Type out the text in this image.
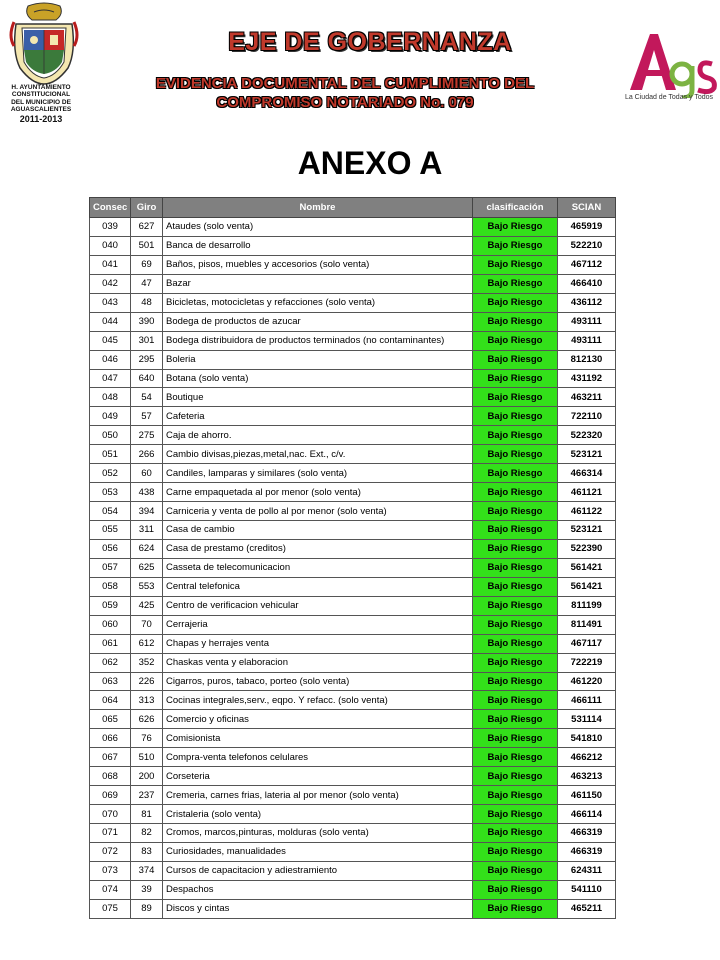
H. AYUNTAMIENTO
CONSTITUCIONAL
DEL MUNICIPIO DE
AGUASCALIENTES
2011-2013
EJE DE GOBERNANZA
EVIDENCIA DOCUMENTAL DEL CUMPLIMIENTO DEL
COMPROMISO NOTARIADO No. 079	La Ciudad de Todas y Todos
ANEXO A
Consec	Giro	Nombre	clasificación	SCIAN
039	627	Ataudes (solo venta)	Bajo Riesgo	465919
040	501	Banca de desarrollo	Bajo Riesgo	522210
041	69	Baños, pisos, muebles y accesorios (solo venta)	Bajo Riesgo	467112
042	47	Bazar	Bajo Riesgo	466410
043	48	Bicicletas, motocicletas y refacciones (solo venta)	Bajo Riesgo	436112
044	390	Bodega de productos de azucar	Bajo Riesgo	493111
045	301	Bodega distribuidora de productos terminados (no contaminantes)	Bajo Riesgo	493111
046	295	Boleria	Bajo Riesgo	812130
047	640	Botana (solo venta)	Bajo Riesgo	431192
048	54	Boutique	Bajo Riesgo	463211
049	57	Cafeteria	Bajo Riesgo	722110
050	275	Caja de ahorro.	Bajo Riesgo	522320
051	266	Cambio divisas,piezas,metal,nac. Ext., c/v.	Bajo Riesgo	523121
052	60	Candiles, lamparas y similares (solo venta)	Bajo Riesgo	466314
053	438	Carne empaquetada al por menor (solo venta)	Bajo Riesgo	461121
054	394	Carniceria y venta de pollo al por menor (solo venta)	Bajo Riesgo	461122
055	311	Casa de cambio	Bajo Riesgo	523121
056	624	Casa de prestamo (creditos)	Bajo Riesgo	522390
057	625	Casseta de telecomunicacion	Bajo Riesgo	561421
058	553	Central telefonica	Bajo Riesgo	561421
059	425	Centro de verificacion vehicular	Bajo Riesgo	811199
060	70	Cerrajeria	Bajo Riesgo	811491
061	612	Chapas y herrajes venta	Bajo Riesgo	467117
062	352	Chaskas venta y elaboracion	Bajo Riesgo	722219
063	226	Cigarros, puros, tabaco, porteo (solo venta)	Bajo Riesgo	461220
064	313	Cocinas integrales,serv., eqpo. Y refacc. (solo venta)	Bajo Riesgo	466111
065	626	Comercio y oficinas	Bajo Riesgo	531114
066	76	Comisionista	Bajo Riesgo	541810
067	510	Compra-venta telefonos celulares	Bajo Riesgo	466212
068	200	Corseteria	Bajo Riesgo	463213
069	237	Cremeria, carnes frias, lateria al por menor (solo venta)	Bajo Riesgo	461150
070	81	Cristaleria (solo venta)	Bajo Riesgo	466114
071	82	Cromos, marcos,pinturas, molduras (solo venta)	Bajo Riesgo	466319
072	83	Curiosidades, manualidades	Bajo Riesgo	466319
073	374	Cursos de capacitacion y adiestramiento	Bajo Riesgo	624311
074	39	Despachos	Bajo Riesgo	541110
075	89	Discos y cintas	Bajo Riesgo	465211
